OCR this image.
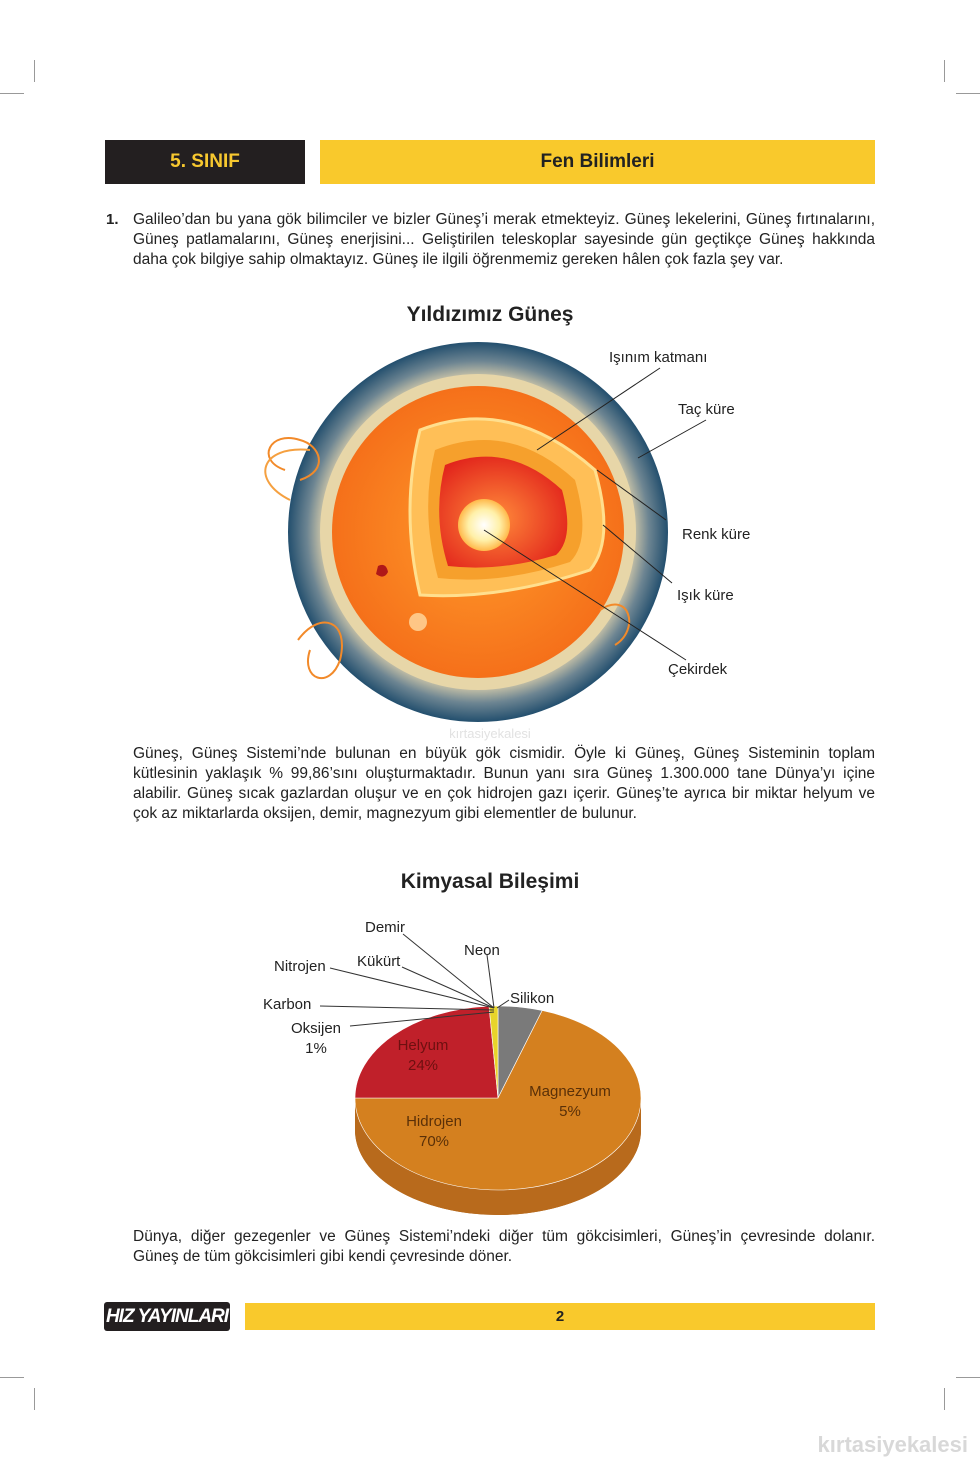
5. SINIF	Fen Bilimleri
1. Galileo’dan bu yana gök bilimciler ve bizler Güneş’i merak etmekteyiz. Güneş lekelerini, Güneş fırtınalarını, Güneş patlamalarını, Güneş enerjisini... Geliştirilen teleskoplar sayesinde gün geçtikçe Güneş hakkında daha çok bilgiye sahip olmaktayız. Güneş ile ilgili öğrenmemiz gereken hâlen çok fazla şey var.
Yıldızımız Güneş
Işınım katmanı
Taç küre
Renk küre
Işık küre
Çekirdek
kırtasiyekalesi
Demir
Nitrojen Kükürt
Neon
Karbon	Silikon
Oksijen
1%	Helyum
24%
Hidrojen
70%
Magnezyum
5%
Güneş, Güneş Sistemi’nde bulunan en büyük gök cismidir. Öyle ki Güneş, Güneş Sisteminin toplam kütlesinin yaklaşık % 99,86’sını oluşturmaktadır. Bunun yanı sıra Güneş 1.300.000 tane Dünya’yı içine alabilir. Güneş sıcak gazlardan oluşur ve en çok hidrojen gazı içerir. Güneş’te ayrıca bir miktar helyum ve çok az miktarlarda oksijen, demir, magnezyum gibi elementler de bulunur.
Kimyasal Bileşimi
Dünya, diğer gezegenler ve Güneş Sistemi’ndeki diğer tüm gökcisimleri, Güneş’in çevresinde dolanır. Güneş de tüm gökcisimleri gibi kendi çevresinde döner.
HIZ YAYINLARI	2
kırtasiyekalesi
